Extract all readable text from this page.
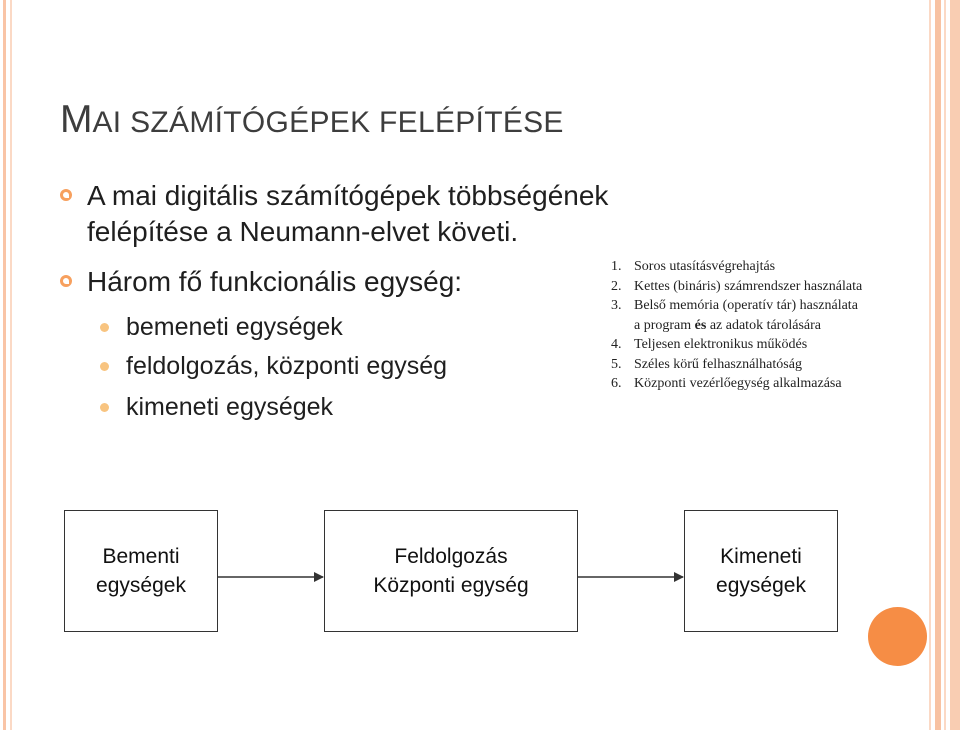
MAI SZÁMÍTÓGÉPEK FELÉPÍTÉSE
A mai digitális számítógépek többségének
felépítése a Neumann-elvet követi.
Három fő funkcionális egység:
bemeneti egységek
feldolgozás, központi egység
kimeneti egységek
1. Soros utasításvégrehajtás
2. Kettes (bináris) számrendszer használata
3. Belső memória (operatív tár) használata
a program és az adatok tárolására
4. Teljesen elektronikus működés
5. Széles körű felhasználhatóság
6. Központi vezérlőegység alkalmazása
Bementi
egységek
Feldolgozás
Központi egység
Kimeneti
egységek
